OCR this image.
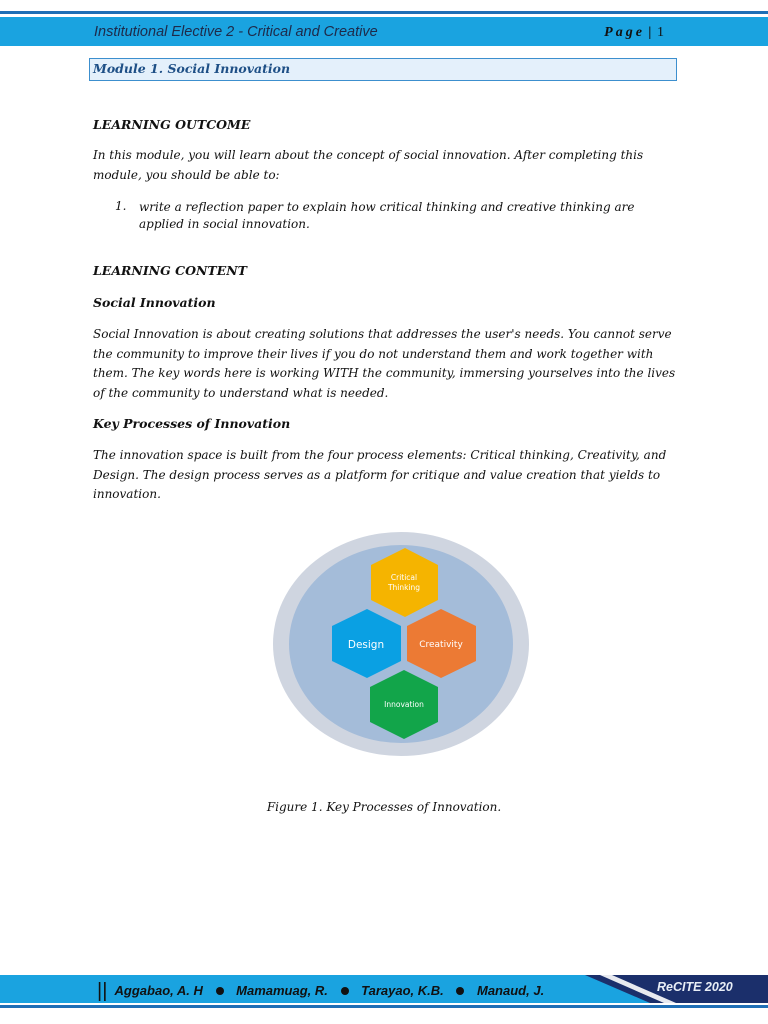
Institutional Elective 2 - Critical and Creative	Page | 1
Module 1. Social Innovation
LEARNING OUTCOME
In this module, you will learn about the concept of social innovation. After completing this module, you should be able to:
1. write a reflection paper to explain how critical thinking and creative thinking are applied in social innovation.
LEARNING CONTENT
Social Innovation
Social Innovation is about creating solutions that addresses the user's needs. You cannot serve the community to improve their lives if you do not understand them and work together with them. The key words here is working WITH the community, immersing yourselves into the lives of the community to understand what is needed.
Key Processes of Innovation
The innovation space is built from the four process elements: Critical thinking, Creativity, and Design. The design process serves as a platform for critique and value creation that yields to innovation.
Critical
Thinking
Design	Creativity
Innovation
Figure 1. Key Processes of Innovation.
|| Aggabao, A. H	Mamamuag, R.	Tarayao, K.B.	Manaud, J.	ReCITE 2020
